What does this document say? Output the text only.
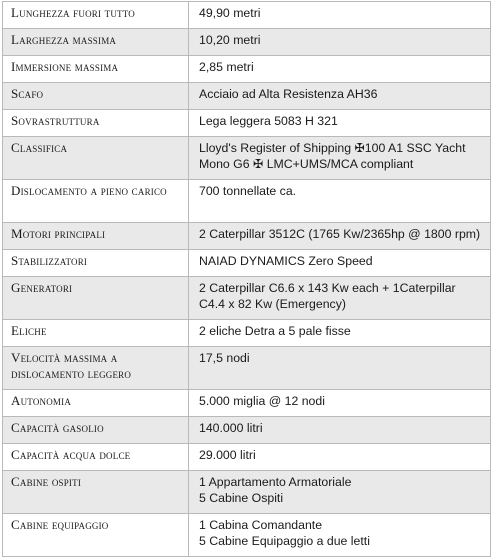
Lunghezza fuori tutto	49,90 metri

Larghezza massima	10,20 metri

Immersione massima	2,85 metri

Scafo	Acciaio ad Alta Resistenza AH36

Sovrastruttura	Lega leggera 5083 H 321

Classifica	Lloyd's Register of Shipping ✠100 A1 SSC Yacht
Mono G6 ✠ LMC+UMS/MCA compliant

Dislocamento a pieno carico	700 tonnellate ca.

Motori principali	2 Caterpillar 3512C (1765 Kw/2365hp @ 1800 rpm)

Stabilizzatori	NAIAD DYNAMICS Zero Speed

Generatori	2 Caterpillar C6.6 x 143 Kw each + 1Caterpillar
C4.4 x 82 Kw (Emergency)

Eliche	2 eliche Detra a 5 pale fisse

Velocità massima a dislocamento leggero	17,5 nodi

Autonomia	5.000 miglia @ 12 nodi

Capacità gasolio	140.000 litri

Capacità acqua dolce	29.000 litri

Cabine ospiti	1 Appartamento Armatoriale
5 Cabine Ospiti

Cabine equipaggio	1 Cabina Comandante
5 Cabine Equipaggio a due letti
